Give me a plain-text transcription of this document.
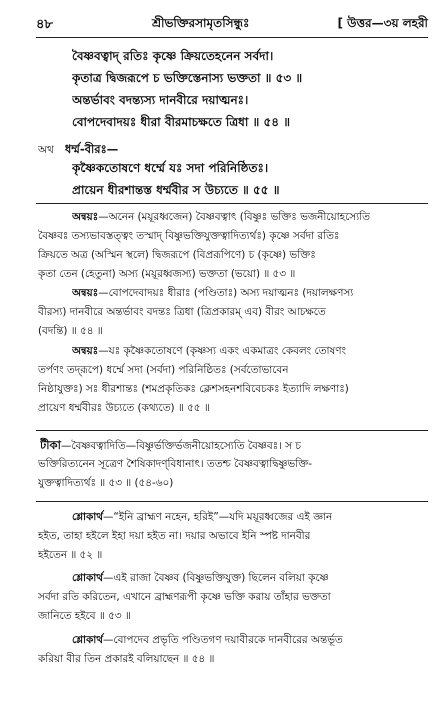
৪৮	শ্রীভক্তিরসামৃতসিন্ধুঃ	[ উত্তর—৩য় লহরী
বৈষ্ণবত্বাদ্ রতিঃ কৃষ্ণে ক্রিয়তেহনেন সর্বদা।
কৃতাত্র দ্বিজরূপে চ ভক্তিস্তেনাস্য ভক্ততা ॥ ৫৩ ॥
অন্তর্ভাবং বদন্ত্যস্য দানবীরে দয়াত্মনঃ।
বোপদেবাদয়ঃ ধীরা বীরমাচক্ষতে ত্রিধা ॥ ৫৪ ॥
অথ ধর্ম্ম-বীরঃ—
কৃষ্ণৈকতোষণে ধর্ম্মে যঃ সদা পরিনিষ্ঠিতঃ।
প্রায়েন ধীরশান্তস্ত ধর্ম্মবীর স উচ্যতে ॥ ৫৫ ॥
অন্বয়ঃ—অনেন (ময়ূরধ্বজেন) বৈষ্ণবত্বাৎ (বিষ্ণুঃ ভক্তিঃ ভজনীয়োহস্যেতি
বৈষ্ণবঃ তস্যভাবস্তত্ত্বং তস্মাদ্‌ বিষ্ণুভক্তিযুক্তত্বাদিত্যর্থঃ) কৃষ্ণে সর্বদা রতিঃ
ক্রিয়তে অত্র (অস্মিন স্থলে) দ্বিজরূপে (বিপ্ররূপিণে) চ (কৃষ্ণে) ভক্তিঃ
কৃতা তেন (হেতুনা) অস্য (ময়ূরধ্বজস্য) ভক্ততা (ভয়ো) ॥ ৫৩ ॥
অন্বয়ঃ—বোপদেবাদয়ঃ ধীরাঃ (পণ্ডিতাঃ) অস্য দয়াত্মনঃ (দয়ালক্ষণস্য
বীরস্য) দানবীরে অন্তর্ভাবং বদন্তঃ ত্রিধা (ত্রিপ্রকারম্‌ এব) বীরং আচক্ষতে
(বদন্তি) ॥ ৫৪ ॥
অন্বয়ঃ—যঃ কৃষ্ণৈকতোষণে (কৃষ্ণস্য একং একমাত্রং কেবলং তোষণং
তর্পণং তদ্‌রূপে) ধর্ম্মে সদা (সর্বদা) পরিনিষ্ঠিতঃ (সর্বতোভাবেন
নিষ্ঠাযুক্তঃ) সঃ ধীরশান্তঃ (শমপ্রকৃতিকঃ ক্লেশসহনশবিবেচকঃ ইত্যাদি লক্ষণাঃ)
প্রায়েণ ধর্ম্মবীরঃ উচ্যতে (কথ্যতে) ॥ ৫৫ ॥
টীকা—বৈষ্ণবত্বাদিতি—বিষ্ণুর্ভক্তির্ভজনীয়োহস্যেতি বৈষ্ণবঃ। স চ
ভক্তিরিত্যনেন সূত্রেণ শৈষিকাদণ্‌বিধানাৎ। ততশ্চ বৈষ্ণবত্বাদ্বিষ্ণুভক্তি-
যুক্তত্বাদিত্যর্থঃ ॥ ৫৩ ॥ (৫৪-৬০)
শ্লোকার্থ—“ইনি ব্রাহ্মণ নহেন, হরিই”—যদি ময়ূরধ্বজের এই জ্ঞান
হইত, তাহা হইলে ইহা দয়া হইত না। দয়ার অভাবে ইনি স্পষ্ট দানবীর
হইতেন ॥ ৫২ ॥
শ্লোকার্থ—এই রাজা বৈষ্ণব (বিষ্ণুভক্তিযুক্ত) ছিলেন বলিয়া কৃষ্ণে
সর্বদা রতি করিতেন, এখানে ব্রাহ্মণরূপী কৃষ্ণে ভক্তি করায় তাঁহার ভক্ততা
জানিতে হইবে ॥ ৫৩ ॥
শ্লোকার্থ—বোপদেব প্রভৃতি পণ্ডিতগণ দয়াবীরকে দানবীরের অন্তর্ভূত
করিয়া বীর তিন প্রকারই বলিয়াছেন ॥ ৫৪ ॥
